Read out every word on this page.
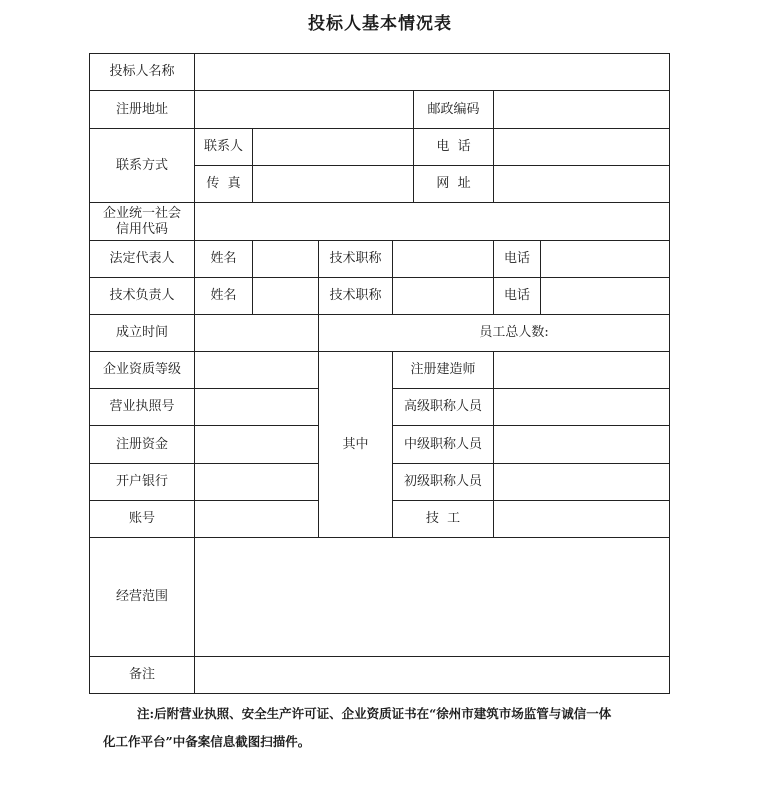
投标人基本情况表
投标人名称							
注册地址					邮政编码		
联系方式	联系人				电  话		
	传  真				网  址		
企业统一社会信用代码							
法定代表人	姓名		技术职称			电话	
技术负责人	姓名		技术职称			电话	
成立时间			员工总人数:				
企业资质等级			其中	注册建造师			
营业执照号				高级职称人员			
注册资金				中级职称人员			
开户银行				初级职称人员			
账号				技  工			
经营范围							
备注							
注:后附营业执照、安全生产许可证、企业资质证书在“徐州市建筑市场监管与诚信一体
化工作平台”中备案信息截图扫描件。
